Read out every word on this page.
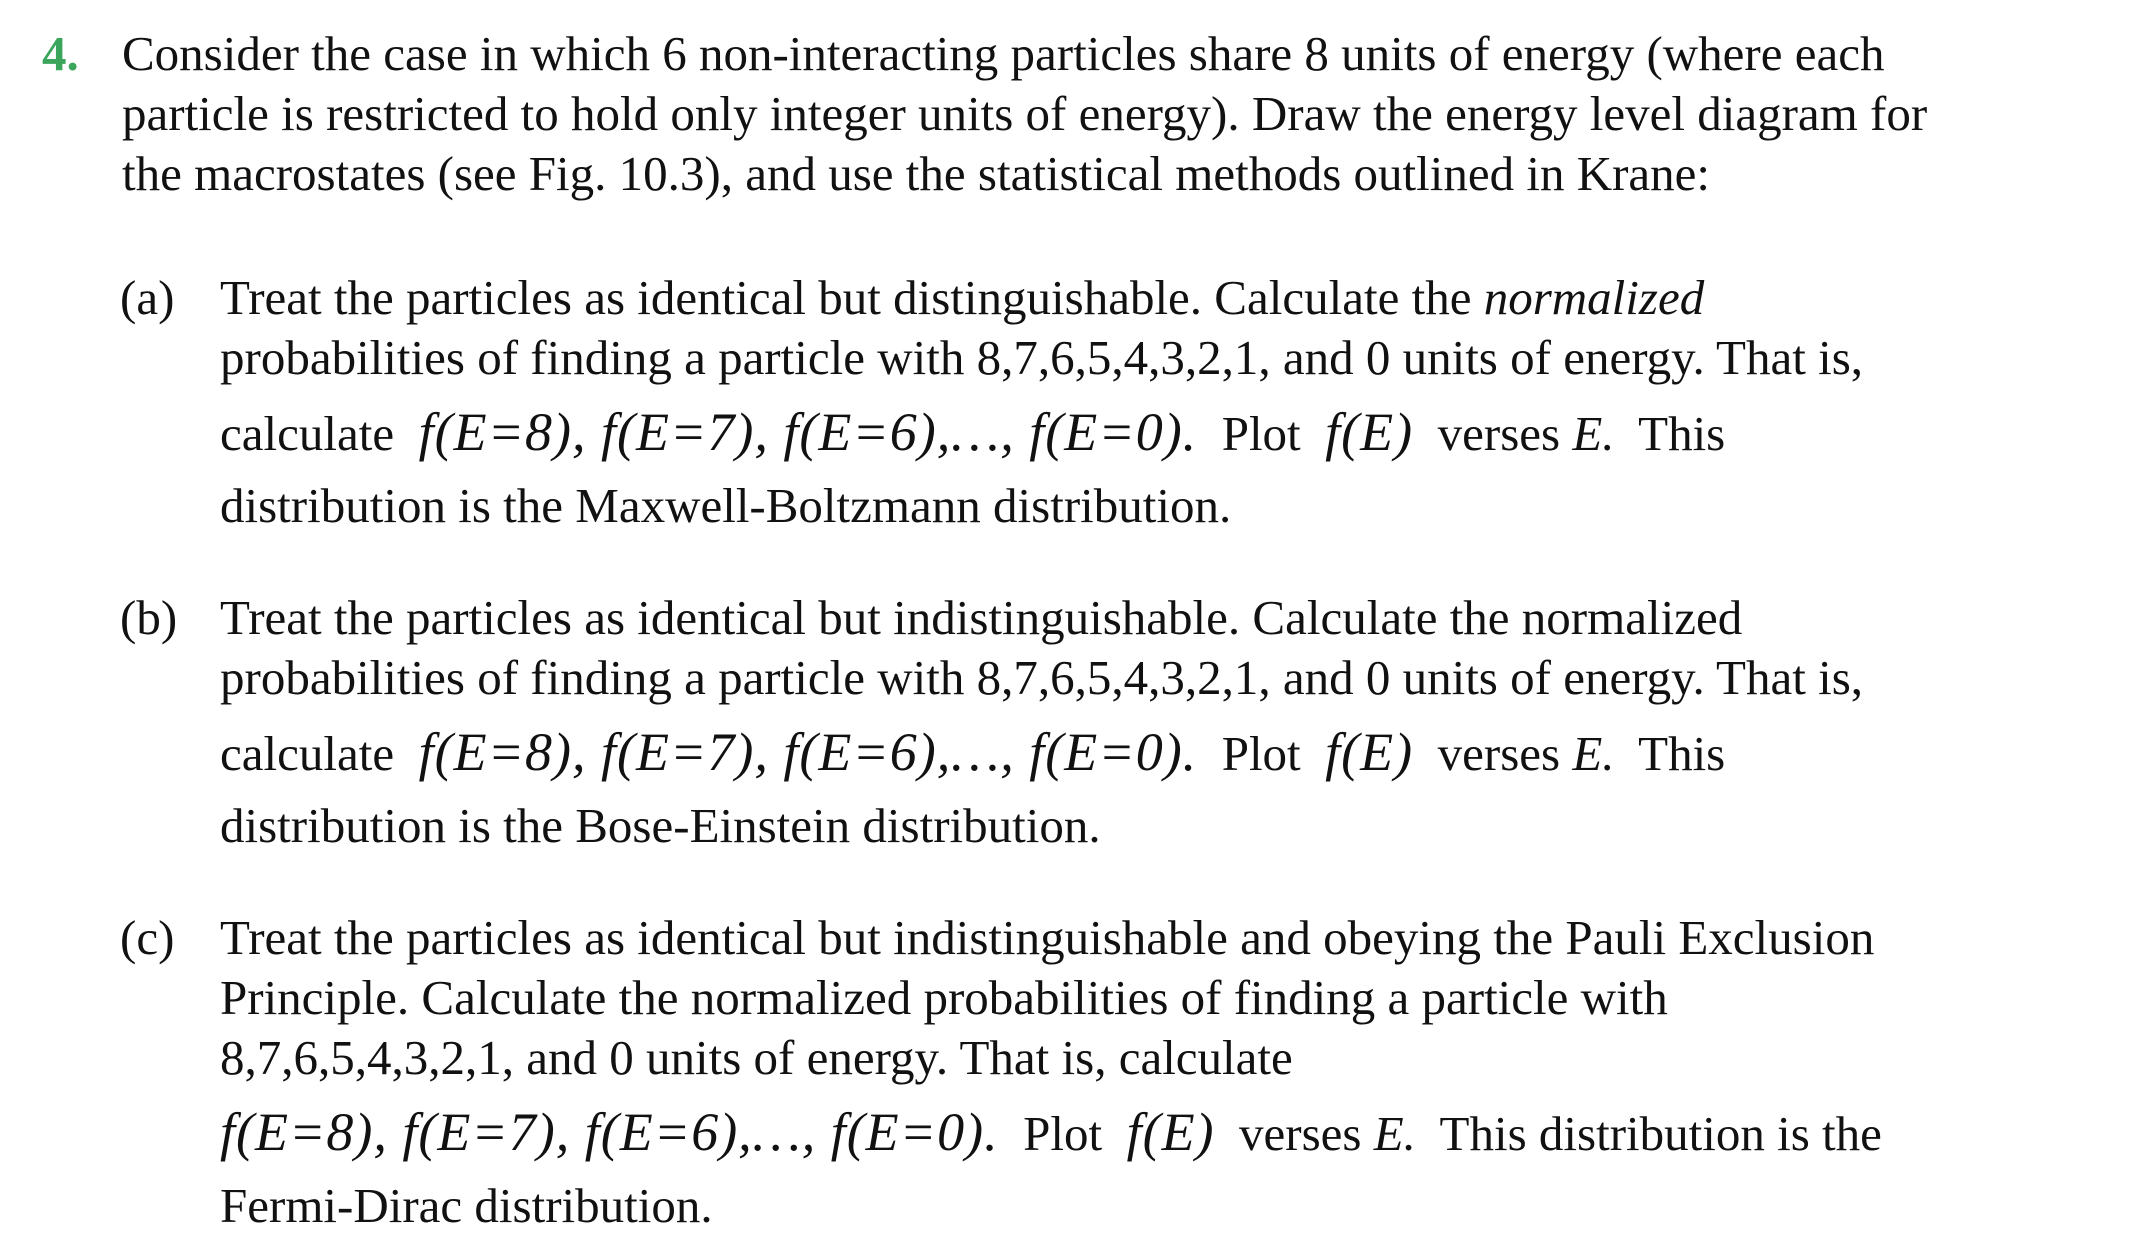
4. Consider the case in which 6 non-interacting particles share 8 units of energy (where each
particle is restricted to hold only integer units of energy). Draw the energy level diagram for
the macrostates (see Fig. 10.3), and use the statistical methods outlined in Krane:
(a) Treat the particles as identical but distinguishable. Calculate the normalized
probabilities of finding a particle with 8,7,6,5,4,3,2,1, and 0 units of energy. That is,
calculate f(E=8), f(E=7), f(E=6),…, f(E=0). Plot f(E) verses E. This
distribution is the Maxwell-Boltzmann distribution.
(b) Treat the particles as identical but indistinguishable. Calculate the normalized
probabilities of finding a particle with 8,7,6,5,4,3,2,1, and 0 units of energy. That is,
calculate f(E=8), f(E=7), f(E=6),…, f(E=0). Plot f(E) verses E. This
distribution is the Bose-Einstein distribution.
(c) Treat the particles as identical but indistinguishable and obeying the Pauli Exclusion
Principle. Calculate the normalized probabilities of finding a particle with
8,7,6,5,4,3,2,1, and 0 units of energy. That is, calculate
f(E=8), f(E=7), f(E=6),…, f(E=0). Plot f(E) verses E. This distribution is the
Fermi-Dirac distribution.
